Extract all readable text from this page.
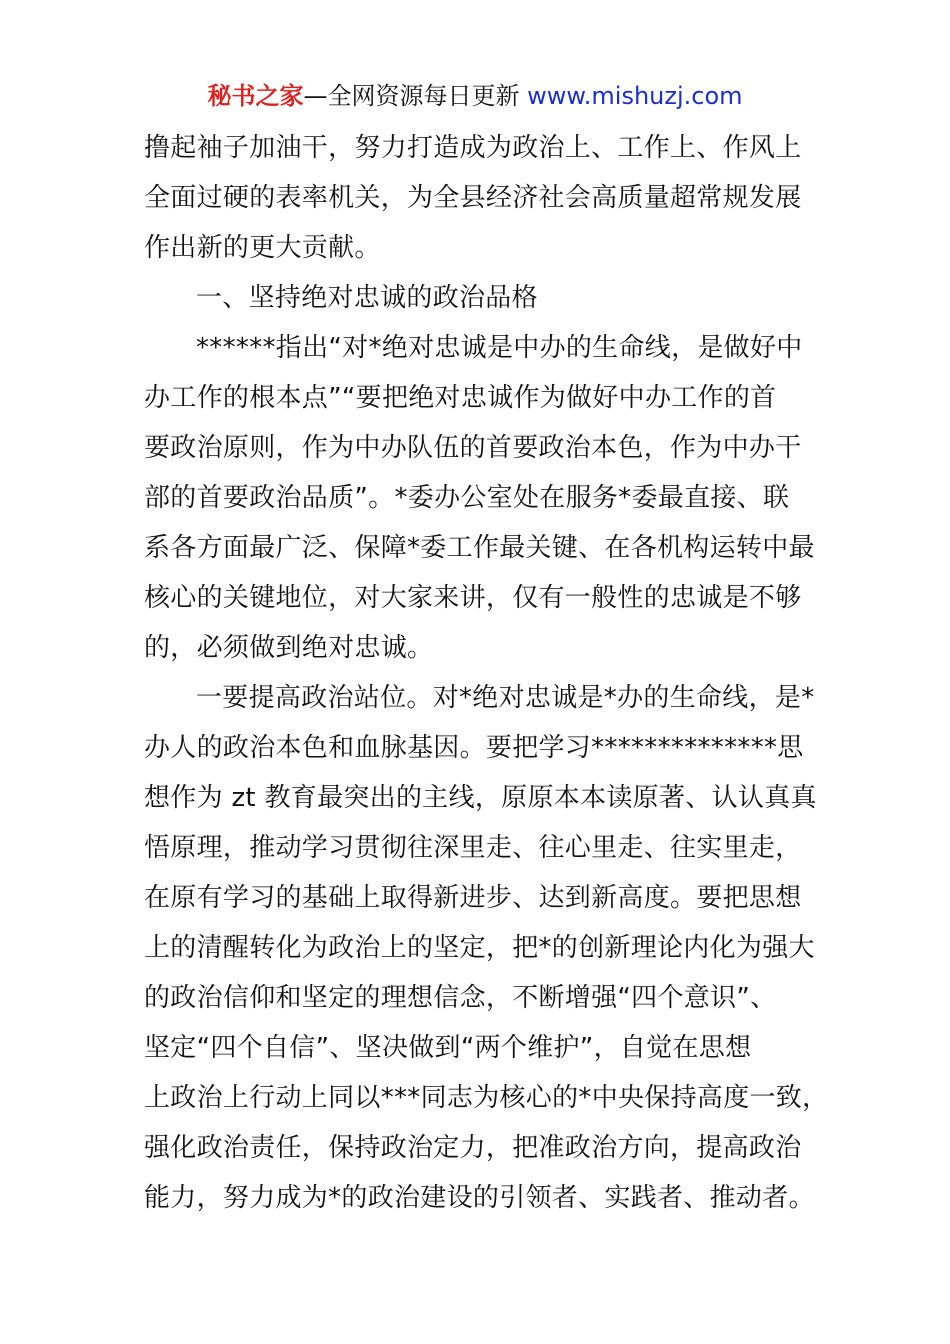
秘书之家—全网资源每日更新 www.mishuzj.com
撸起袖子加油干，努力打造成为政治上、工作上、作风上
全面过硬的表率机关，为全县经济社会高质量超常规发展
作出新的更大贡献。
一、坚持绝对忠诚的政治品格
******指出“对*绝对忠诚是中办的生命线，是做好中
办工作的根本点”“要把绝对忠诚作为做好中办工作的首
要政治原则，作为中办队伍的首要政治本色，作为中办干
部的首要政治品质”。*委办公室处在服务*委最直接、联
系各方面最广泛、保障*委工作最关键、在各机构运转中最
核心的关键地位，对大家来讲，仅有一般性的忠诚是不够
的，必须做到绝对忠诚。
一要提高政治站位。对*绝对忠诚是*办的生命线，是*
办人的政治本色和血脉基因。要把学习**************思
想作为 zt 教育最突出的主线，原原本本读原著、认认真真
悟原理，推动学习贯彻往深里走、往心里走、往实里走，
在原有学习的基础上取得新进步、达到新高度。要把思想
上的清醒转化为政治上的坚定，把*的创新理论内化为强大
的政治信仰和坚定的理想信念，不断增强“四个意识”、
坚定“四个自信”、坚决做到“两个维护”，自觉在思想
上政治上行动上同以***同志为核心的*中央保持高度一致，
强化政治责任，保持政治定力，把准政治方向，提高政治
能力，努力成为*的政治建设的引领者、实践者、推动者。
